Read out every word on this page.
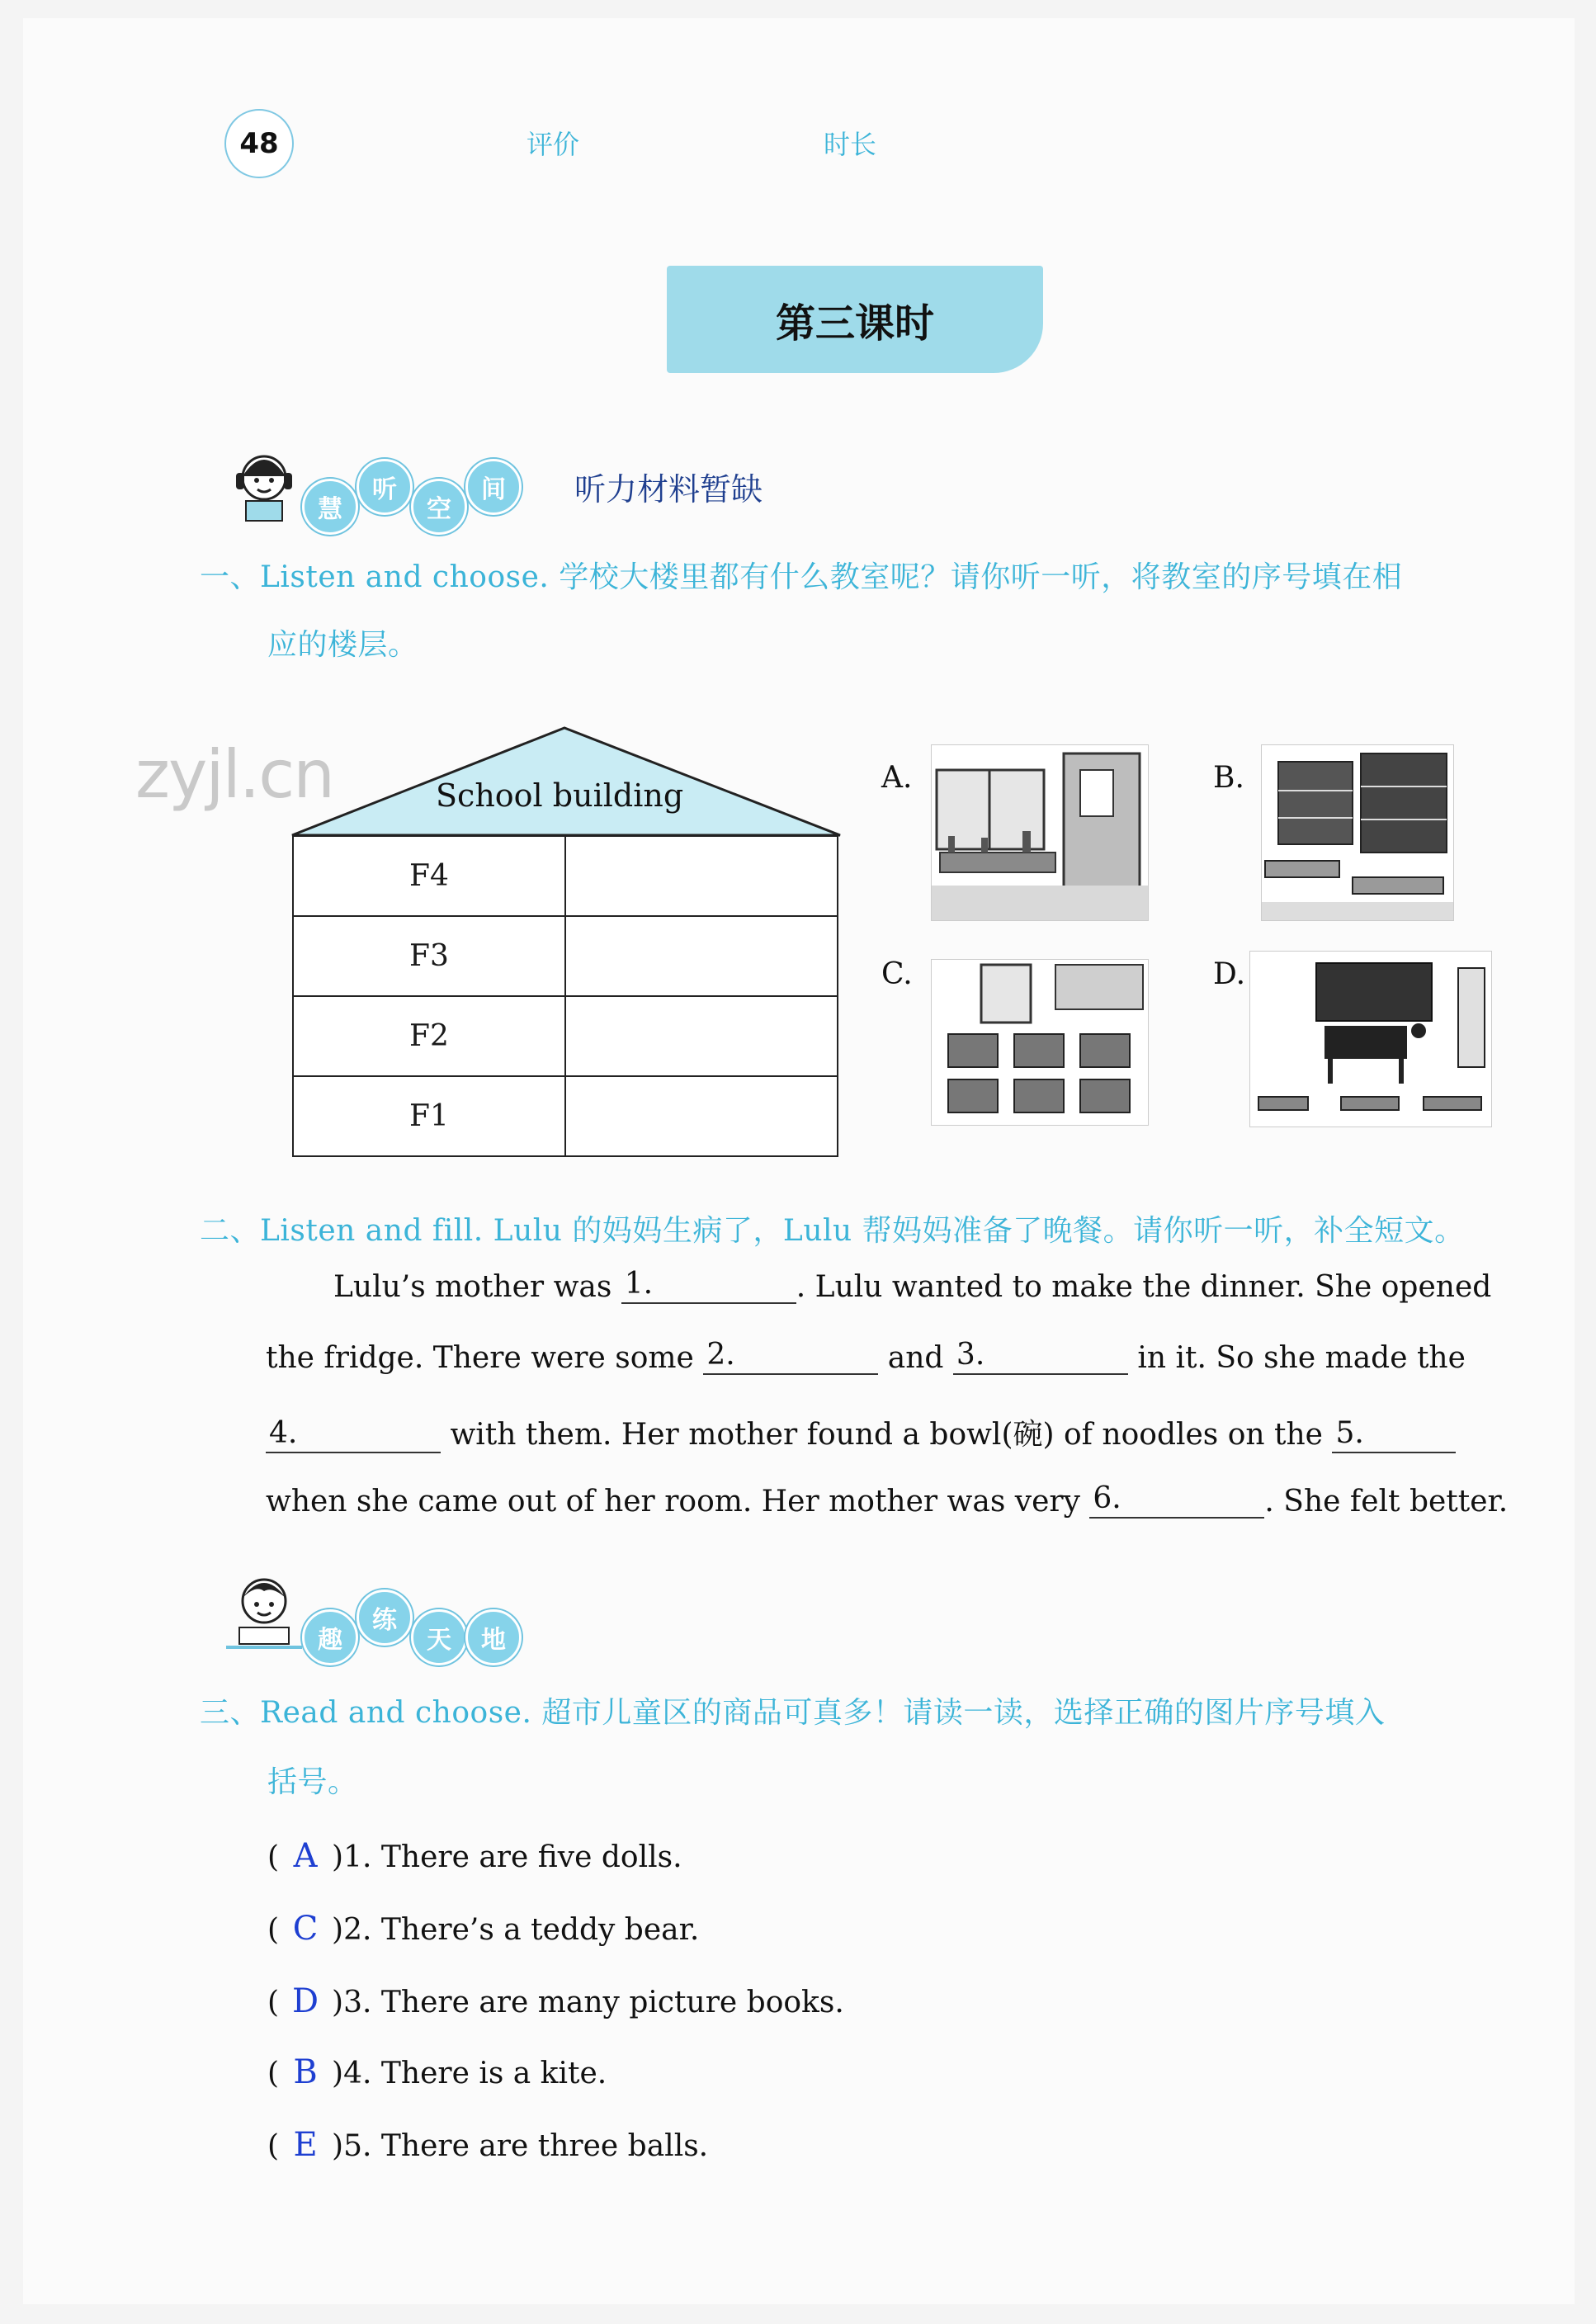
48	评价	时长
第三课时
慧
听
空
间	听力材料暂缺
一、Listen and choose. 学校大楼里都有什么教室呢？请你听一听，将教室的序号填在相
应的楼层。
zyjl.cn	School building
F4	
F3	
F2	
F1	
A.	B.
C.	D.
二、Listen and fill. Lulu 的妈妈生病了，Lulu 帮妈妈准备了晚餐。请你听一听，补全短文。
Lulu’s mother was 1.	. Lulu wanted to make the dinner. She opened
the fridge. There were some 2.	and 3.	in it. So she made the
4.	with them. Her mother found a bowl(碗) of noodles on the 5.
when she came out of her room. Her mother was very 6.	. She felt better.
趣
练
天	地
三、Read and choose. 超市儿童区的商品可真多！请读一读，选择正确的图片序号填入
括号。
( A )1. There are five dolls.
( C )2. There’s a teddy bear.
( D )3. There are many picture books.
( B )4. There is a kite.
( E )5. There are three balls.
